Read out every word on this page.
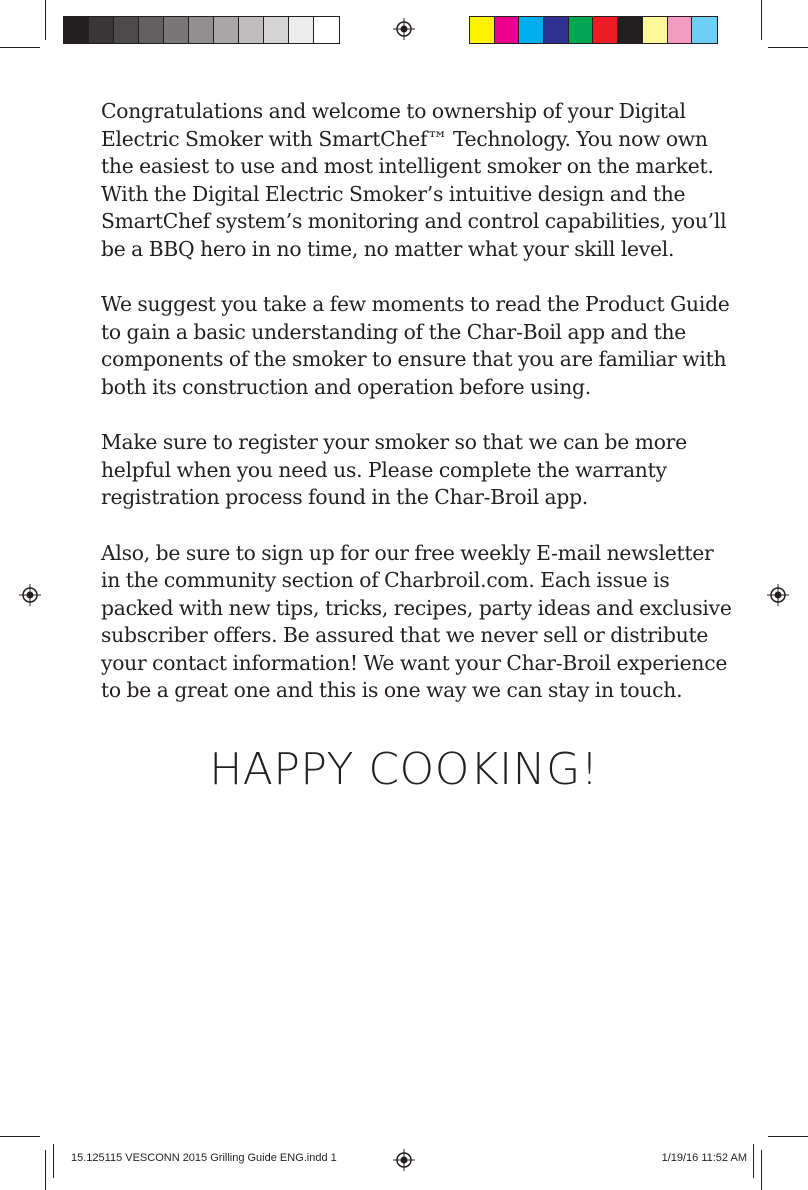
Congratulations and welcome to ownership of your Digital
Electric Smoker with SmartChef™ Technology. You now own
the easiest to use and most intelligent smoker on the market.
With the Digital Electric Smoker’s intuitive design and the
SmartChef system’s monitoring and control capabilities, you’ll
be a BBQ hero in no time, no matter what your skill level.

We suggest you take a few moments to read the Product Guide
to gain a basic understanding of the Char-Boil app and the
components of the smoker to ensure that you are familiar with
both its construction and operation before using.

Make sure to register your smoker so that we can be more
helpful when you need us. Please complete the warranty
registration process found in the Char-Broil app.

Also, be sure to sign up for our free weekly E-mail newsletter
in the community section of Charbroil.com. Each issue is
packed with new tips, tricks, recipes, party ideas and exclusive
subscriber offers. Be assured that we never sell or distribute
your contact information! We want your Char-Broil experience
to be a great one and this is one way we can stay in touch.

HAPPY COOKING!
15.125115 VESCONN 2015 Grilling Guide ENG.indd 1	1/19/16 11:52 AM
